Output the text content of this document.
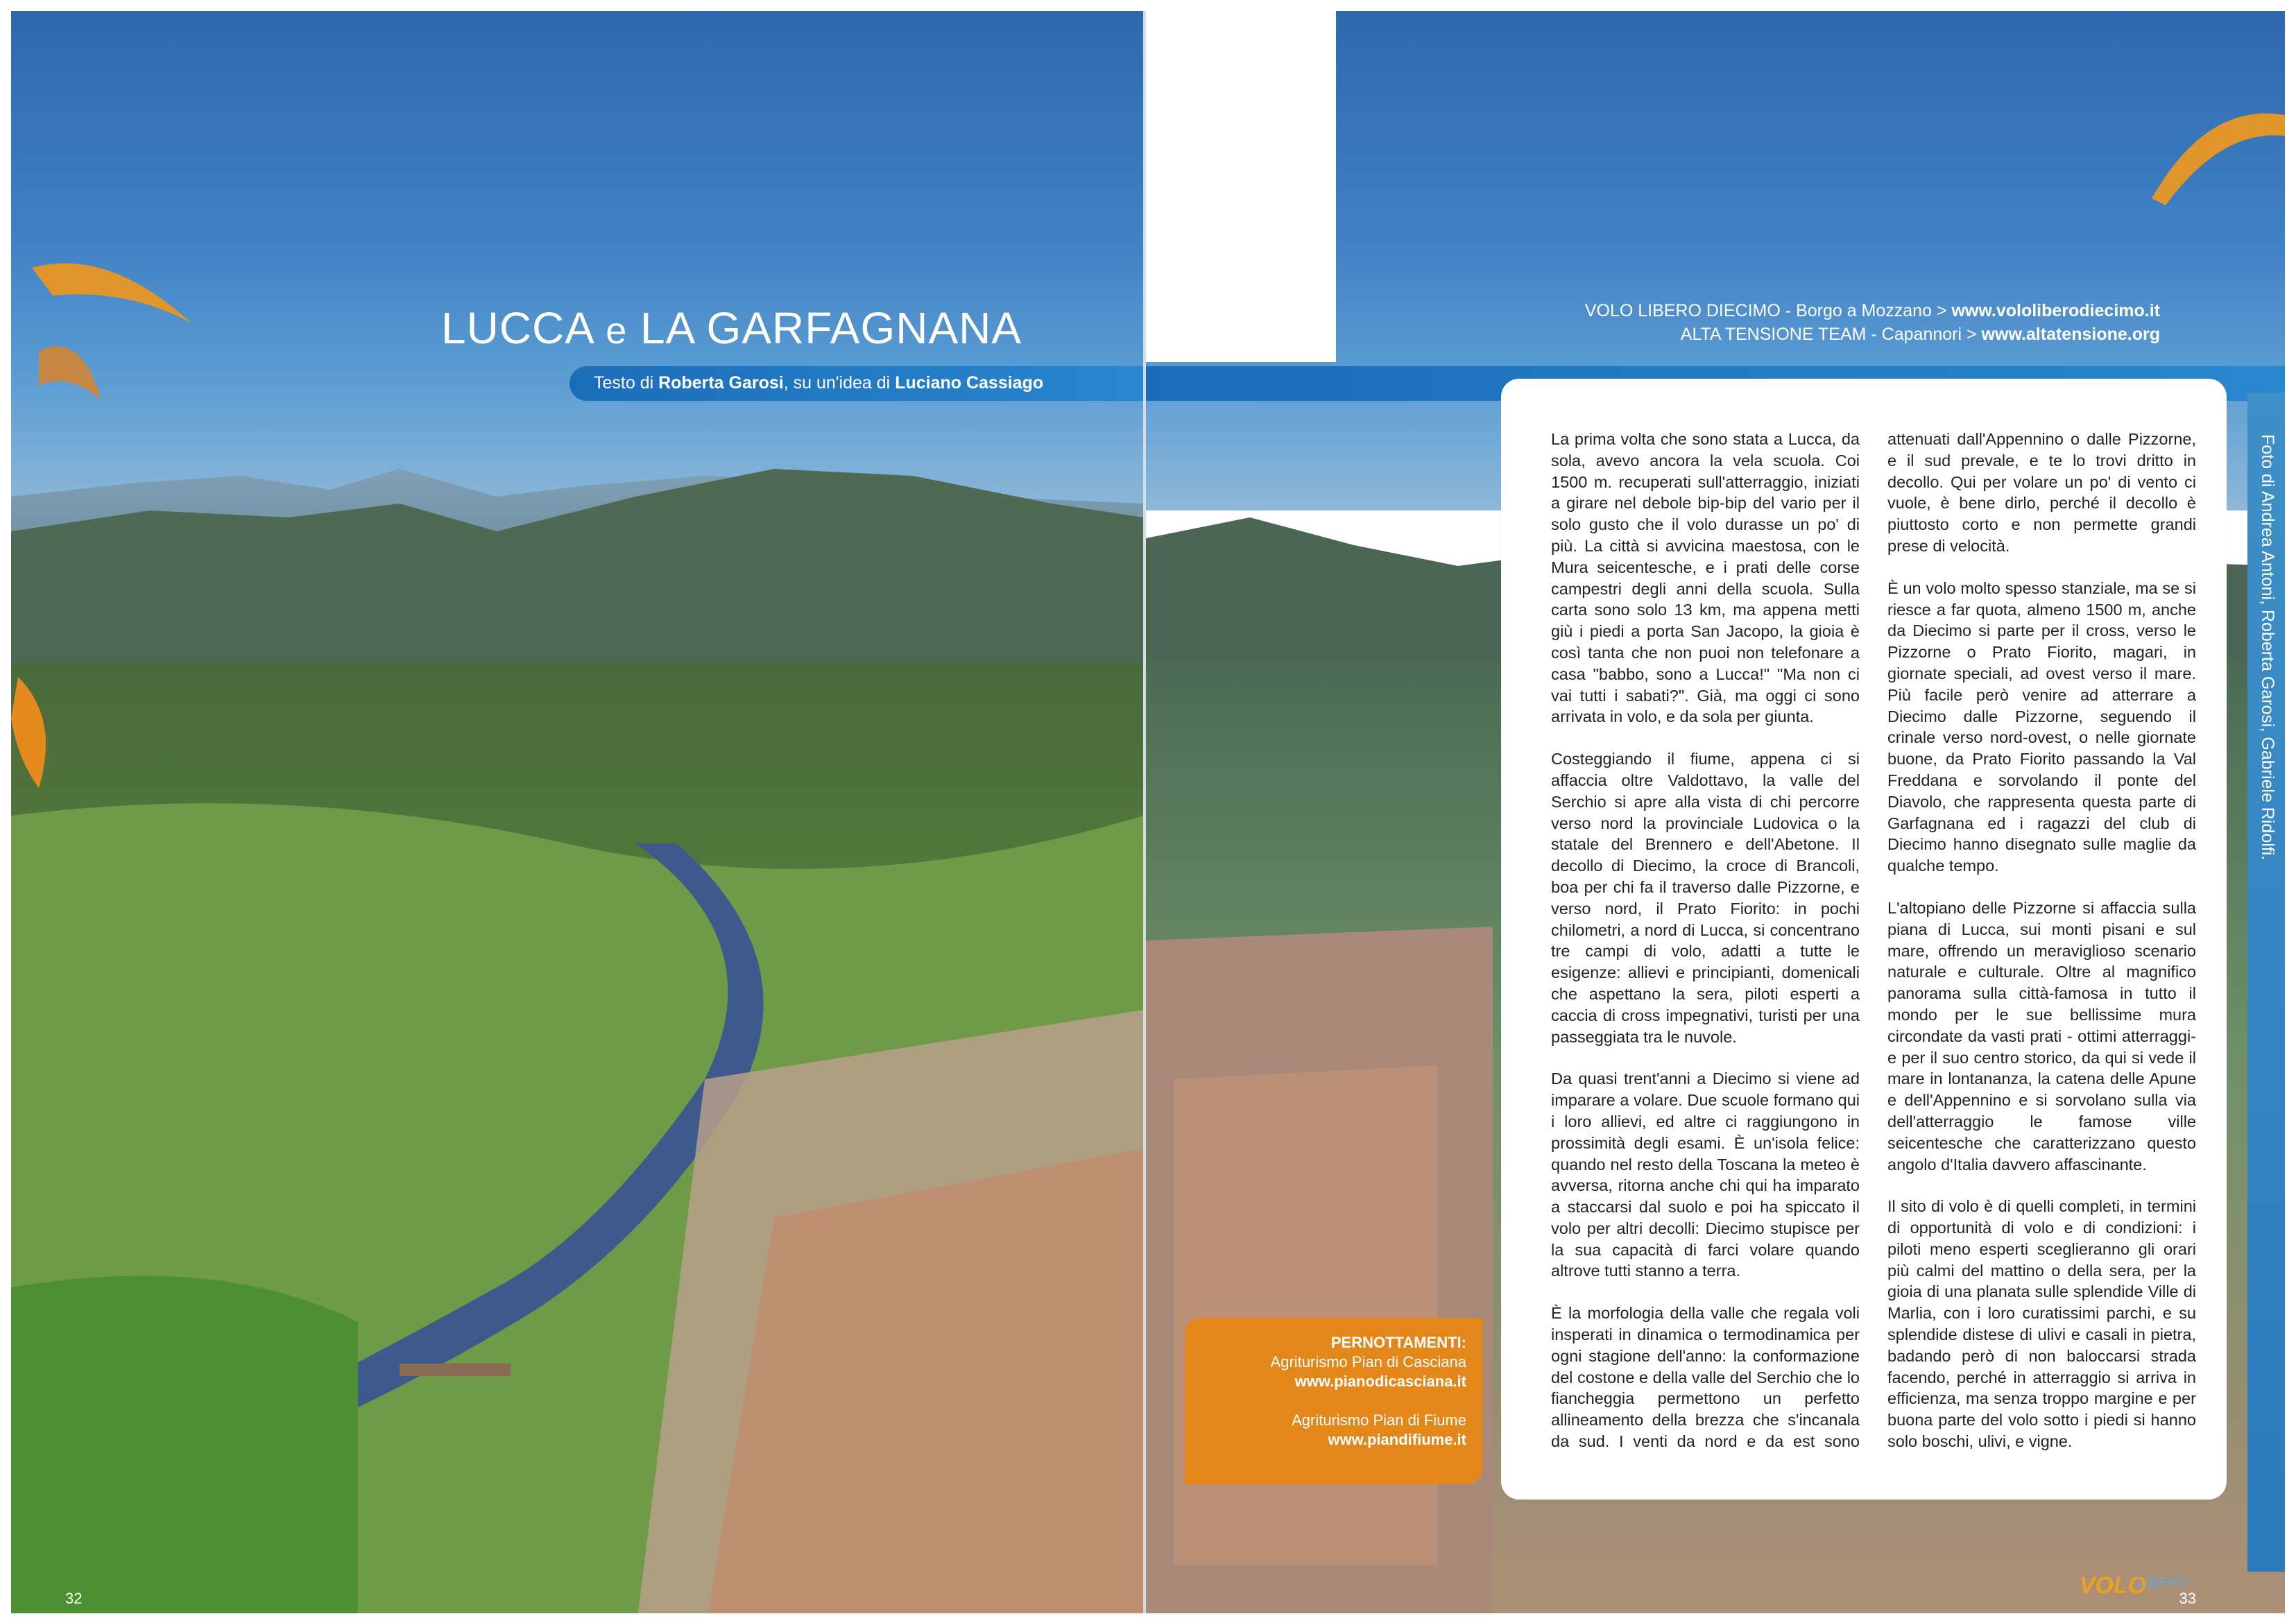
LUCCA e LA GARFAGNANA
Testo di Roberta Garosi, su un'idea di Luciano Cassiago
32
VOLO LIBERO DIECIMO - Borgo a Mozzano > www.vololiberodiecimo.it
ALTA TENSIONE TEAM - Capannori > www.altatensione.org
Foto di Andrea Antoni, Roberta Garosi, Gabriele Ridolfi.

La prima volta che sono stata a Lucca, da sola, avevo ancora la vela scuola. Coi 1500 m. recuperati sull'atterraggio, iniziati a girare nel debole bip-bip del vario per il solo gusto che il volo durasse un po' di più. La città si avvicina maestosa, con le Mura seicentesche, e i prati delle corse campestri degli anni della scuola. Sulla carta sono solo 13 km, ma appena metti giù i piedi a porta San Jacopo, la gioia è così tanta che non puoi non telefonare a casa "babbo, sono a Lucca!" "Ma non ci vai tutti i sabati?". Già, ma oggi ci sono arrivata in volo, e da sola per giunta.

Costeggiando il fiume, appena ci si affaccia oltre Valdottavo, la valle del Serchio si apre alla vista di chi percorre verso nord la provinciale Ludovica o la statale del Brennero e dell'Abetone. Il decollo di Diecimo, la croce di Brancoli, boa per chi fa il traverso dalle Pizzorne, e verso nord, il Prato Fiorito: in pochi chilometri, a nord di Lucca, si concentrano tre campi di volo, adatti a tutte le esigenze: allievi e principianti, domenicali che aspettano la sera, piloti esperti a caccia di cross impegnativi, turisti per una passeggiata tra le nuvole.

Da quasi trent'anni a Diecimo si viene ad imparare a volare. Due scuole formano qui i loro allievi, ed altre ci raggiungono in prossimità degli esami. È un'isola felice: quando nel resto della Toscana la meteo è avversa, ritorna anche chi qui ha imparato a staccarsi dal suolo e poi ha spiccato il volo per altri decolli: Diecimo stupisce per la sua capacità di farci volare quando altrove tutti stanno a terra.

È la morfologia della valle che regala voli insperati in dinamica o termodinamica per ogni stagione dell'anno: la conformazione del costone e della valle del Serchio che lo fiancheggia permettono un perfetto allineamento della brezza che s'incanala da sud. I venti da nord e da est sono attenuati dall'Appennino o dalle Pizzorne, e il sud prevale, e te lo trovi dritto in decollo. Qui per volare un po' di vento ci vuole, è bene dirlo, perché il decollo è piuttosto corto e non permette grandi prese di velocità.

È un volo molto spesso stanziale, ma se si riesce a far quota, almeno 1500 m, anche da Diecimo si parte per il cross, verso le Pizzorne o Prato Fiorito, magari, in giornate speciali, ad ovest verso il mare. Più facile però venire ad atterrare a Diecimo dalle Pizzorne, seguendo il crinale verso nord-ovest, o nelle giornate buone, da Prato Fiorito passando la Val Freddana e sorvolando il ponte del Diavolo, che rappresenta questa parte di Garfagnana ed i ragazzi del club di Diecimo hanno disegnato sulle maglie da qualche tempo.

L'altopiano delle Pizzorne si affaccia sulla piana di Lucca, sui monti pisani e sul mare, offrendo un meraviglioso scenario naturale e culturale. Oltre al magnifico panorama sulla città-famosa in tutto il mondo per le sue bellissime mura circondate da vasti prati - ottimi atterraggi- e per il suo centro storico, da qui si vede il mare in lontananza, la catena delle Apune e dell'Appennino e si sorvolano sulla via dell'atterraggio le famose ville seicentesche che caratterizzano questo angolo d'Italia davvero affascinante.

Il sito di volo è di quelli completi, in termini di opportunità di volo e di condizioni: i piloti meno esperti sceglieranno gli orari più calmi del mattino o della sera, per la gioia di una planata sulle splendide Ville di Marlia, con i loro curatissimi parchi, e su splendide distese di ulivi e casali in pietra, badando però di non baloccarsi strada facendo, perché in atterraggio si arriva in efficienza, ma senza troppo margine e per buona parte del volo sotto i piedi si hanno solo boschi, ulivi, e vigne.

33
VOLO
LIBERO
PERNOTTAMENTI:
Agriturismo Pian di Casciana
www.pianodicasciana.it
Agriturismo Pian di Fiume
www.piandifiume.it
